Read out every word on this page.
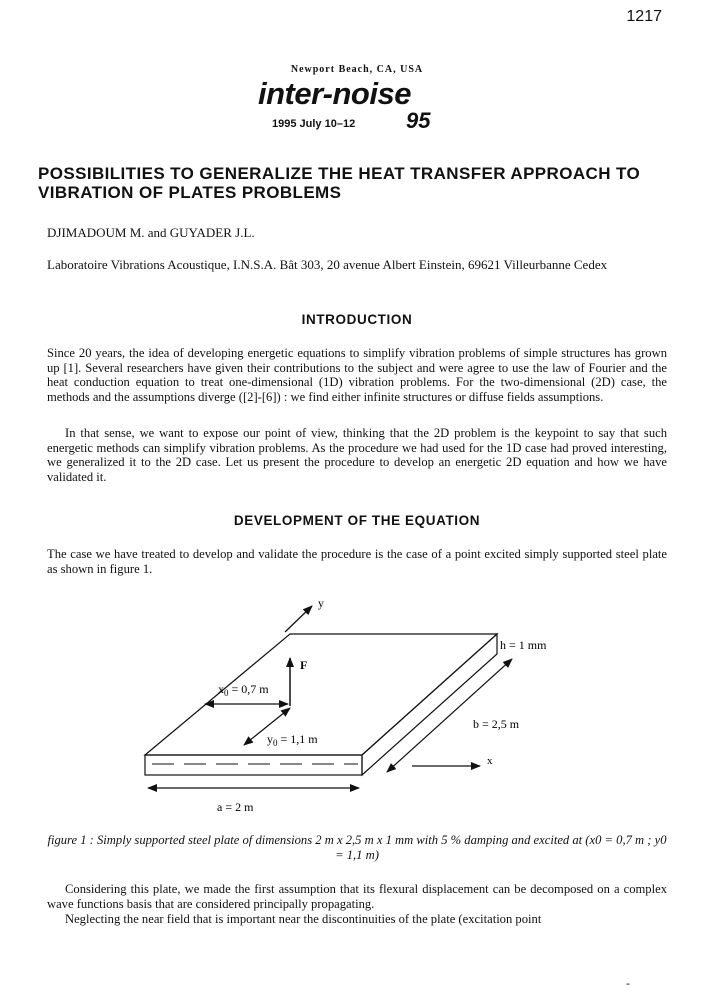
1217
Newport Beach, CA, USA
inter-noise
1995 July 10–12 95
POSSIBILITIES TO GENERALIZE THE HEAT TRANSFER APPROACH TO VIBRATION OF PLATES PROBLEMS
DJIMADOUM M. and GUYADER J.L.
Laboratoire Vibrations Acoustique, I.N.S.A. Bât 303, 20 avenue Albert Einstein, 69621 Villeurbanne Cedex
INTRODUCTION
Since 20 years, the idea of developing energetic equations to simplify vibration problems of simple structures has grown up [1]. Several researchers have given their contributions to the subject and were agree to use the law of Fourier and the heat conduction equation to treat one-dimensional (1D) vibration problems. For the two-dimensional (2D) case, the methods and the assumptions diverge ([2]-[6]) : we find either infinite structures or diffuse fields assumptions.
In that sense, we want to expose our point of view, thinking that the 2D problem is the keypoint to say that such energetic methods can simplify vibration problems. As the procedure we had used for the 1D case had proved interesting, we generalized it to the 2D case. Let us present the procedure to develop an energetic 2D equation and how we have validated it.
DEVELOPMENT OF THE EQUATION
The case we have treated to develop and validate the procedure is the case of a point excited simply supported steel plate as shown in figure 1.
y
x
F
$x_0 = 0,7$ m
$y_0 = 1,1$ m
h = 1 mm
b = 2,5 m
a = 2 m
figure 1 : Simply supported steel plate of dimensions 2 m x 2,5 m x 1 mm with 5 % damping and excited at (x0 = 0,7 m ; y0 = 1,1 m)
Considering this plate, we made the first assumption that its flexural displacement can be decomposed on a complex wave functions basis that are considered principally propagating.
Neglecting the near field that is important near the discontinuities of the plate (excitation point
-
